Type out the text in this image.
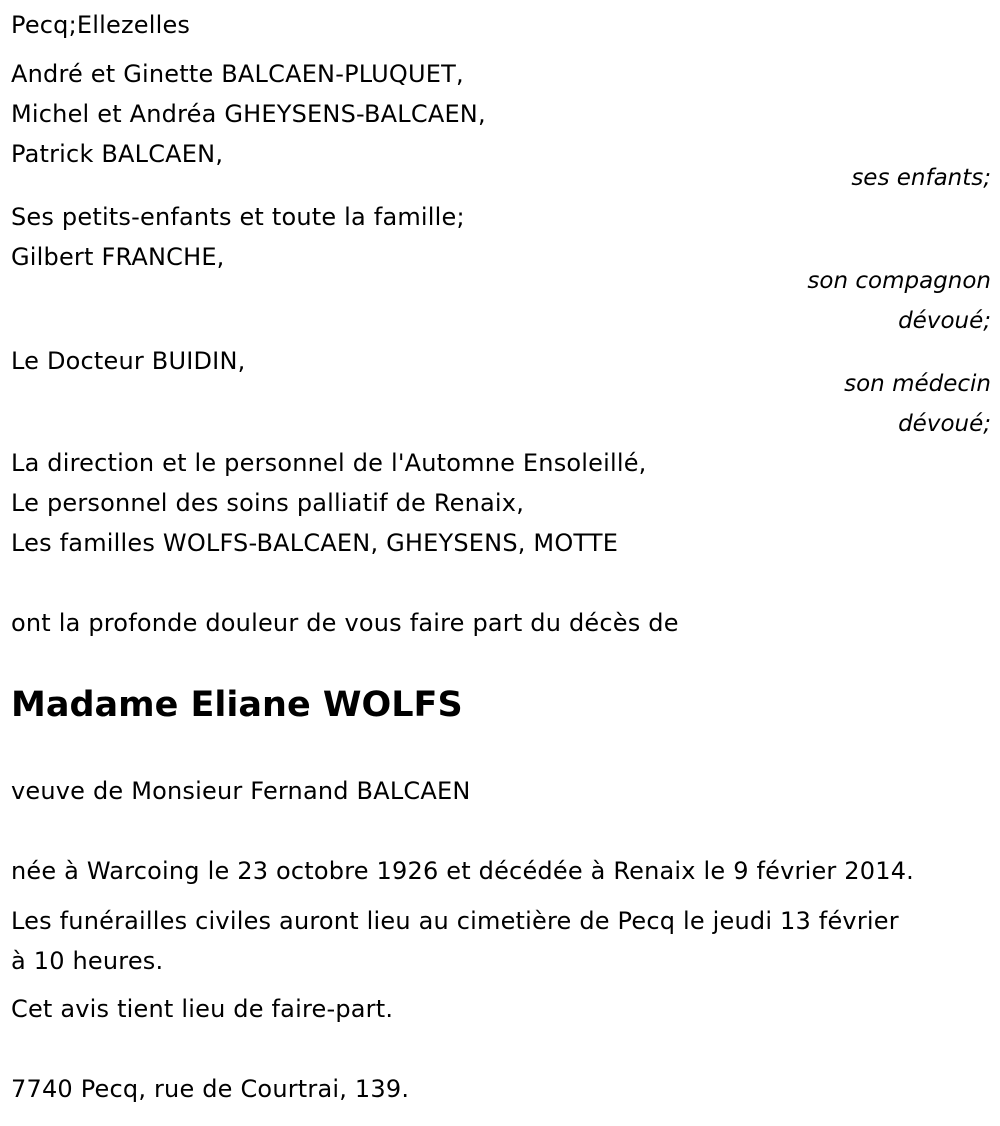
Pecq;Ellezelles
André et Ginette BALCAEN-PLUQUET,
Michel et Andréa GHEYSENS-BALCAEN,
Patrick BALCAEN,
ses enfants;
Ses petits-enfants et toute la famille;
Gilbert FRANCHE,
son compagnon
dévoué;
Le Docteur BUIDIN,
son médecin
dévoué;
La direction et le personnel de l'Automne Ensoleillé,
Le personnel des soins palliatif de Renaix,
Les familles WOLFS-BALCAEN, GHEYSENS, MOTTE
ont la profonde douleur de vous faire part du décès de
Madame Eliane WOLFS
veuve de Monsieur Fernand BALCAEN
née à Warcoing le 23 octobre 1926 et décédée à Renaix le 9 février 2014.
Les funérailles civiles auront lieu au cimetière de Pecq le jeudi 13 février
à 10 heures.
Cet avis tient lieu de faire-part.
7740 Pecq, rue de Courtrai, 139.
